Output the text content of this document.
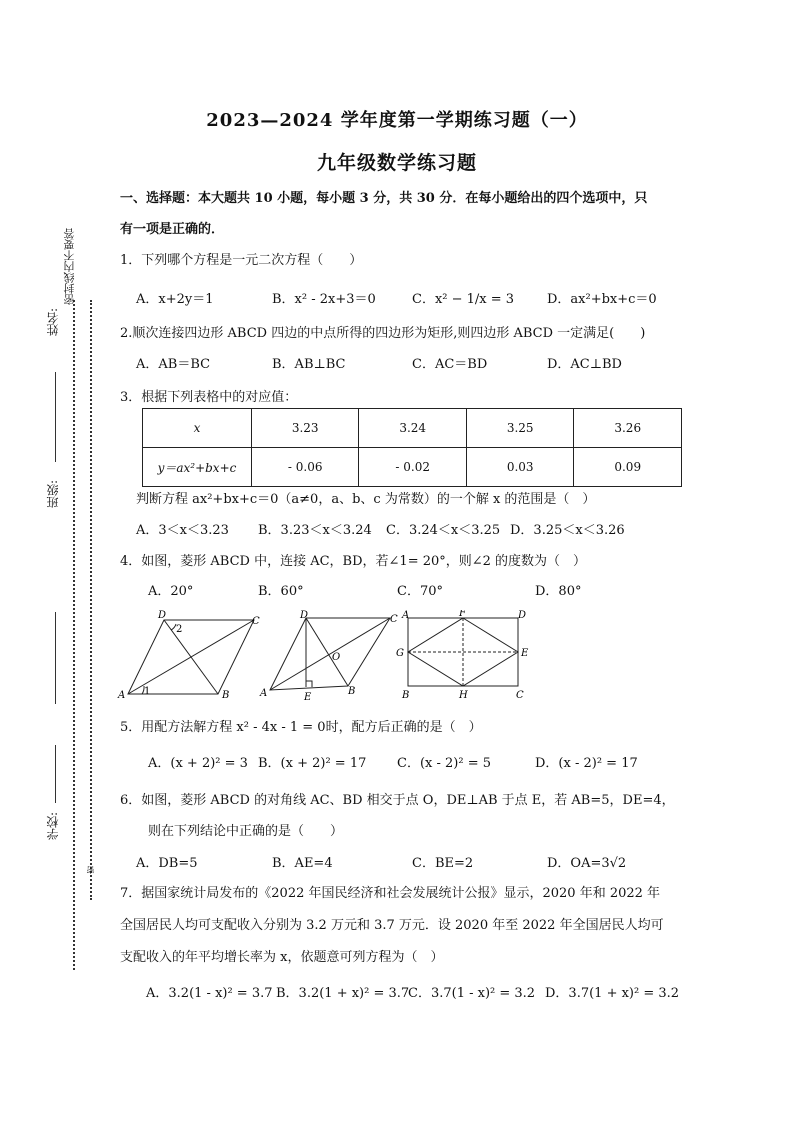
密封线内不要答
姓名:
班级:
学校:
密
2023—2024 学年度第一学期练习题（一）
九年级数学练习题
一、选择题：本大题共 10 小题，每小题 3 分，共 30 分．在每小题给出的四个选项中，只
有一项是正确的．
1．下列哪个方程是一元二次方程（　　）
A．x+2y＝1	B．x² - 2x+3＝0	C．x² − 1/x = 3	D．ax²+bx+c＝0
2.顺次连接四边形 ABCD 四边的中点所得的四边形为矩形,则四边形 ABCD 一定满足(　　)
A．AB＝BC	B．AB⊥BC	C．AC＝BD	D．AC⊥BD
3．根据下列表格中的对应值：
x	3.23	3.24	3.25	3.26
y＝ax²+bx+c	- 0.06	- 0.02	0.03	0.09
判断方程 ax²+bx+c＝0（a≠0，a、b、c 为常数）的一个解 x 的范围是（　）
A．3＜x＜3.23 B．3.23＜x＜3.24 C．3.24＜x＜3.25 D．3.25＜x＜3.26
4．如图，菱形 ABCD 中，连接 AC，BD，若∠1= 20°，则∠2 的度数为（　）
A．20°	B．60°	C．70°	D．80°
D
C
A	B
1
2
D	C
O
A	E
B
A	F	D
G	E
B	H	C
5．用配方法解方程 x² - 4x - 1 = 0时，配方后正确的是（　）
A．(x + 2)² = 3 B．(x + 2)² = 17 C．(x - 2)² = 5	D．(x - 2)² = 17
6．如图，菱形 ABCD 的对角线 AC、BD 相交于点 O，DE⊥AB 于点 E，若 AB=5，DE=4，
则在下列结论中正确的是（　　）
A．DB=5	B．AE=4	C．BE=2	D．OA=3√2
7．据国家统计局发布的《2022 年国民经济和社会发展统计公报》显示，2020 年和 2022 年
全国居民人均可支配收入分别为 3.2 万元和 3.7 万元．设 2020 年至 2022 年全国居民人均可
支配收入的年平均增长率为 x，依题意可列方程为（　）
A．3.2(1 - x)² = 3.7 B．3.2(1 + x)² = 3.7
C．3.7(1 - x)² = 3.2 D．3.7(1 + x)² = 3.2
